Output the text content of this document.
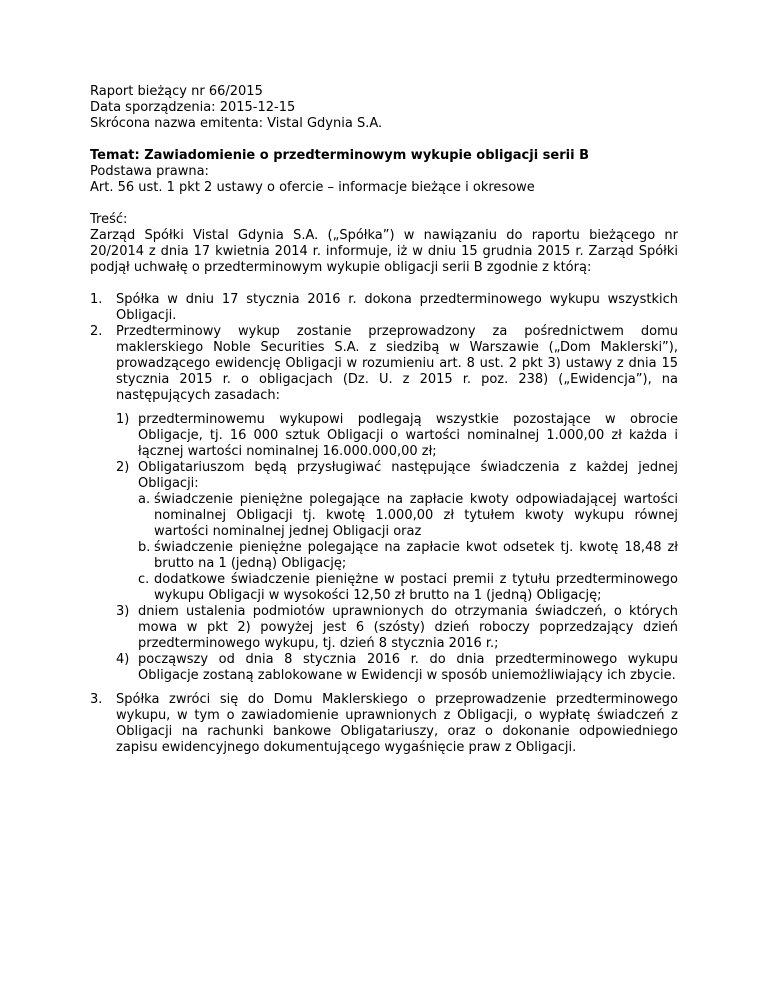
Raport bieżący nr 66/2015

Data sporządzenia: 2015-12-15

Skrócona nazwa emitenta: Vistal Gdynia S.A.

Temat: Zawiadomienie o przedterminowym wykupie obligacji serii B

Podstawa prawna:

Art. 56 ust. 1 pkt 2 ustawy o ofercie – informacje bieżące i okresowe

Treść:

Zarząd Spółki Vistal Gdynia S.A. („Spółka”) w nawiązaniu do raportu bieżącego nr 20/2014 z dnia 17 kwietnia 2014 r. informuje, iż w dniu 15 grudnia 2015 r. Zarząd Spółki podjął uchwałę o przedterminowym wykupie obligacji serii B zgodnie z którą:

1. Spółka w dniu 17 stycznia 2016 r. dokona przedterminowego wykupu wszystkich Obligacji.
2. Przedterminowy wykup zostanie przeprowadzony za pośrednictwem domu maklerskiego Noble Securities S.A. z siedzibą w Warszawie („Dom Maklerski”), prowadzącego ewidencję Obligacji w rozumieniu art. 8 ust. 2 pkt 3) ustawy z dnia 15 stycznia 2015 r. o obligacjach (Dz. U. z 2015 r. poz. 238) („Ewidencja”), na następujących zasadach:
1) przedterminowemu wykupowi podlegają wszystkie pozostające w obrocie Obligacje, tj. 16 000 sztuk Obligacji o wartości nominalnej 1.000,00 zł każda i łącznej wartości nominalnej 16.000.000,00 zł;
2) Obligatariuszom będą przysługiwać następujące świadczenia z każdej jednej Obligacji:
a. świadczenie pieniężne polegające na zapłacie kwoty odpowiadającej wartości nominalnej Obligacji tj. kwotę 1.000,00 zł tytułem kwoty wykupu równej wartości nominalnej jednej Obligacji oraz
b. świadczenie pieniężne polegające na zapłacie kwot odsetek tj. kwotę 18,48 zł brutto na 1 (jedną) Obligację;
c. dodatkowe świadczenie pieniężne w postaci premii z tytułu przedterminowego wykupu Obligacji w wysokości 12,50 zł brutto na 1 (jedną) Obligację;
3) dniem ustalenia podmiotów uprawnionych do otrzymania świadczeń, o których mowa w pkt 2) powyżej jest 6 (szósty) dzień roboczy poprzedzający dzień przedterminowego wykupu, tj. dzień 8 stycznia 2016 r.;
4) począwszy od dnia 8 stycznia 2016 r. do dnia przedterminowego wykupu Obligacje zostaną zablokowane w Ewidencji w sposób uniemożliwiający ich zbycie.
3. Spółka zwróci się do Domu Maklerskiego o przeprowadzenie przedterminowego wykupu, w tym o zawiadomienie uprawnionych z Obligacji, o wypłatę świadczeń z Obligacji na rachunki bankowe Obligatariuszy, oraz o dokonanie odpowiedniego zapisu ewidencyjnego dokumentującego wygaśnięcie praw z Obligacji.
